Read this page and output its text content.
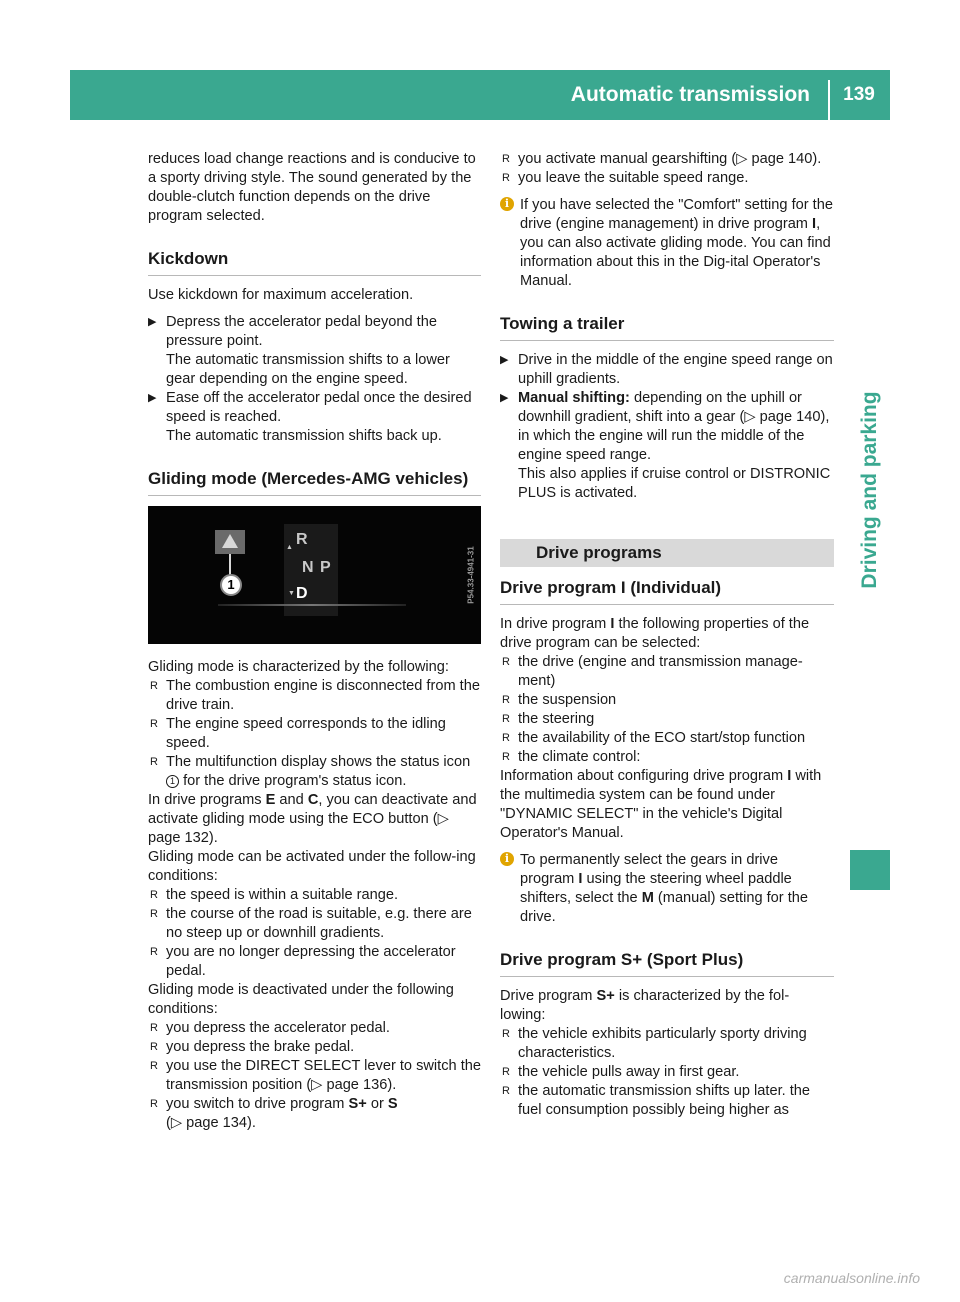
Automatic transmission	139
Driving and parking

reduces load change reactions and is conducive to a sporty driving style. The sound generated by the double-clutch function depends on the drive program selected.

Kickdown

Use kickdown for maximum acceleration.

▶ Depress the accelerator pedal beyond the pressure point.

The automatic transmission shifts to a lower gear depending on the engine speed.

▶ Ease off the accelerator pedal once the desired speed is reached.

The automatic transmission shifts back up.

Gliding mode (Mercedes-AMG vehicles)
1
▲ R
N P
▼ D	P54.33-4941-31

Gliding mode is characterized by the following:

R The combustion engine is disconnected from the drive train.

R The engine speed corresponds to the idling speed.

R The multifunction display shows the status icon 1 for the drive program's status icon.

In drive programs E and C, you can deactivate and activate gliding mode using the ECO button (▷ page 132).

Gliding mode can be activated under the follow-ing conditions:

R the speed is within a suitable range.

R the course of the road is suitable, e.g. there are no steep up or downhill gradients.

R you are no longer depressing the accelerator pedal.

Gliding mode is deactivated under the following conditions:

R you depress the accelerator pedal.

R you depress the brake pedal.

R you use the DIRECT SELECT lever to switch the transmission position (▷ page 136).

R you switch to drive program S+ or S

(▷ page 134).

R you activate manual gearshifting (▷ page 140).

R you leave the suitable speed range.

i If you have selected the "Comfort" setting for the drive (engine management) in drive program I, you can also activate gliding mode. You can find information about this in the Dig-ital Operator's Manual.

Towing a trailer
▶ Drive in the middle of the engine speed range on uphill gradients.

▶ Manual shifting: depending on the uphill or downhill gradient, shift into a gear (▷ page 140), in which the engine will run the middle of the engine speed range.

This also applies if cruise control or DISTRONIC PLUS is activated.

Drive programs
Drive program I (Individual)

In drive program I the following properties of the drive program can be selected:

R the drive (engine and transmission manage-ment)

R the suspension

R the steering

R the availability of the ECO start/stop function

R the climate control:

Information about configuring drive program I with the multimedia system can be found under "DYNAMIC SELECT" in the vehicle's Digital Operator's Manual.

i To permanently select the gears in drive program I using the steering wheel paddle shifters, select the M (manual) setting for the drive.

Drive program S+ (Sport Plus)

Drive program S+ is characterized by the fol-lowing:

R the vehicle exhibits particularly sporty driving characteristics.

R the vehicle pulls away in first gear.

R the automatic transmission shifts up later. the fuel consumption possibly being higher as

carmanualsonline.info
